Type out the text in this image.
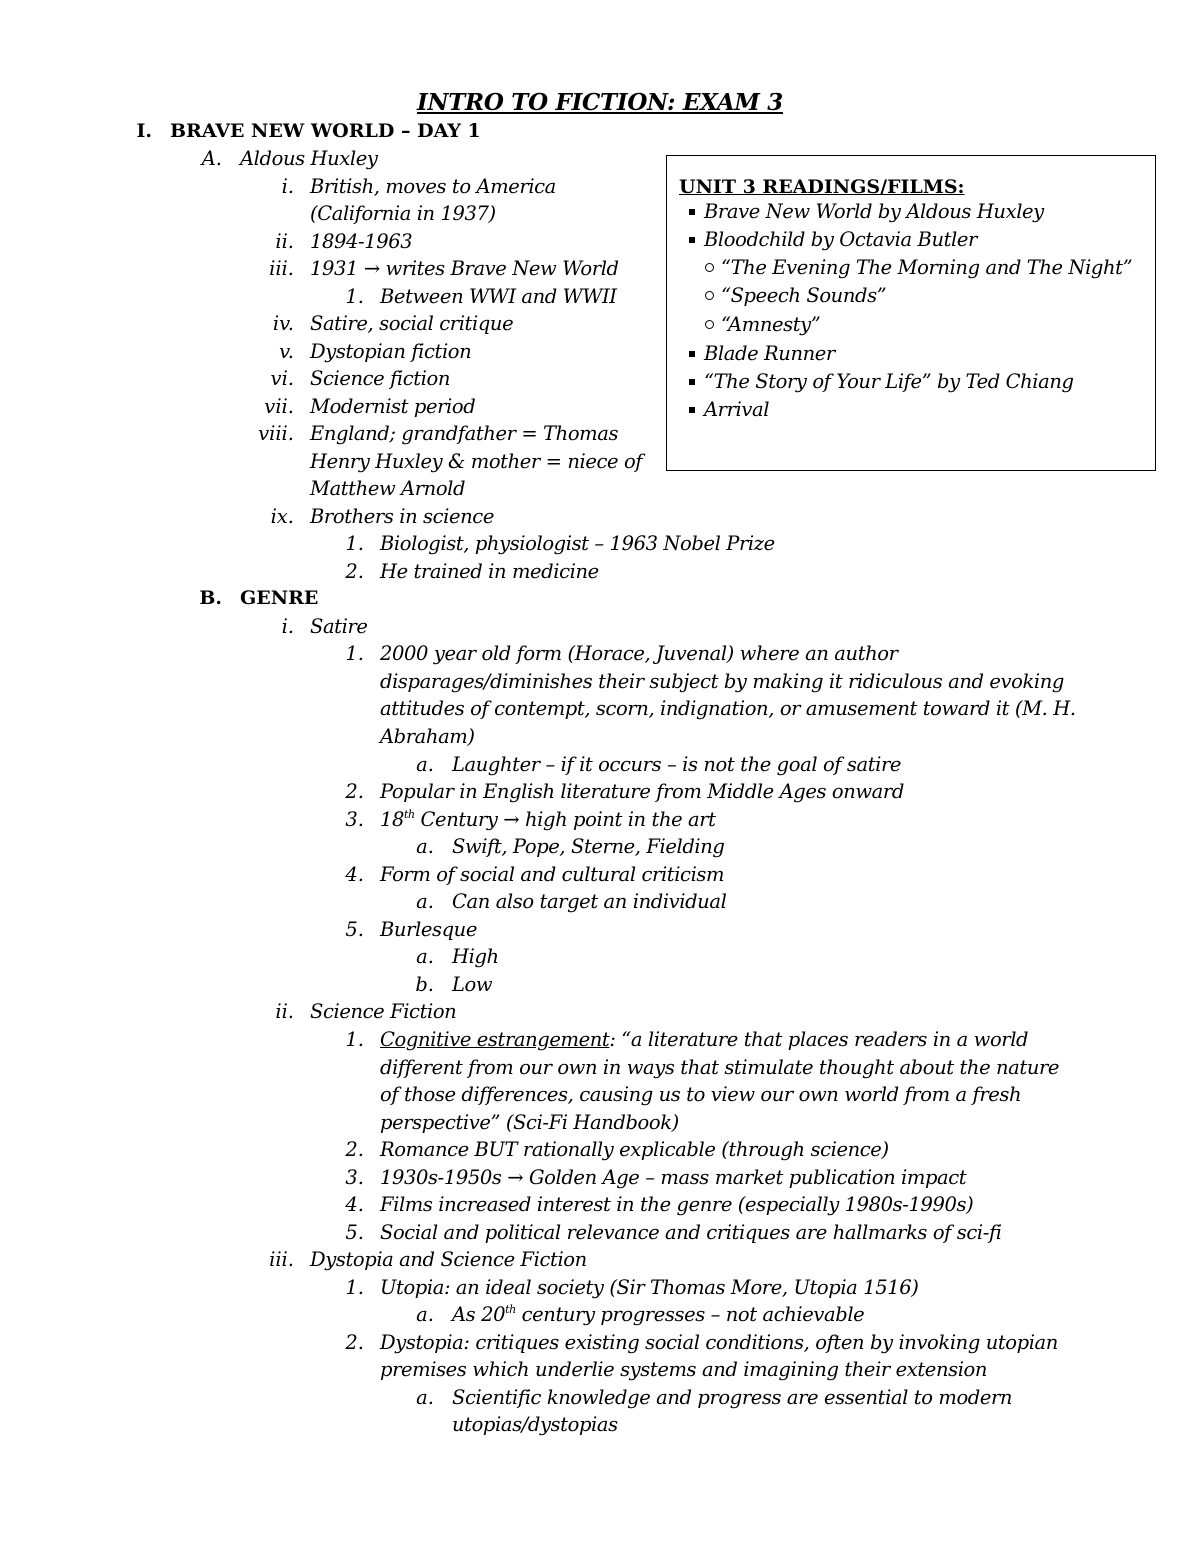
INTRO TO FICTION: EXAM 3
I. BRAVE NEW WORLD – DAY 1
A. Aldous Huxley
i. British, moves to America
(California in 1937)
ii. 1894-1963
iii. 1931 → writes Brave New World
1. Between WWI and WWII
iv. Satire, social critique
v. Dystopian fiction
vi. Science fiction
vii. Modernist period
viii. England; grandfather = Thomas
Henry Huxley & mother = niece of
Matthew Arnold
ix. Brothers in science
1. Biologist, physiologist – 1963 Nobel Prize
2. He trained in medicine
B. GENRE
i. Satire
1. 2000 year old form (Horace, Juvenal) where an author
disparages/diminishes their subject by making it ridiculous and evoking
attitudes of contempt, scorn, indignation, or amusement toward it (M. H.
Abraham)
a. Laughter – if it occurs – is not the goal of satire
2. Popular in English literature from Middle Ages onward
3. 18th Century → high point in the art
a. Swift, Pope, Sterne, Fielding
4. Form of social and cultural criticism
a. Can also target an individual
5. Burlesque
a. High
b. Low
ii. Science Fiction
1. Cognitive estrangement: “a literature that places readers in a world
different from our own in ways that stimulate thought about the nature
of those differences, causing us to view our own world from a fresh
perspective” (Sci-Fi Handbook)
2. Romance BUT rationally explicable (through science)
3. 1930s-1950s → Golden Age – mass market publication impact
4. Films increased interest in the genre (especially 1980s-1990s)
5. Social and political relevance and critiques are hallmarks of sci-fi
iii. Dystopia and Science Fiction
1. Utopia: an ideal society (Sir Thomas More, Utopia 1516)
a. As 20th century progresses – not achievable
2. Dystopia: critiques existing social conditions, often by invoking utopian
premises which underlie systems and imagining their extension
a. Scientific knowledge and progress are essential to modern
utopias/dystopias
UNIT 3 READINGS/FILMS:
Brave New World by Aldous Huxley
Bloodchild by Octavia Butler
“The Evening The Morning and The Night”
“Speech Sounds”
“Amnesty”
Blade Runner
“The Story of Your Life” by Ted Chiang
Arrival
